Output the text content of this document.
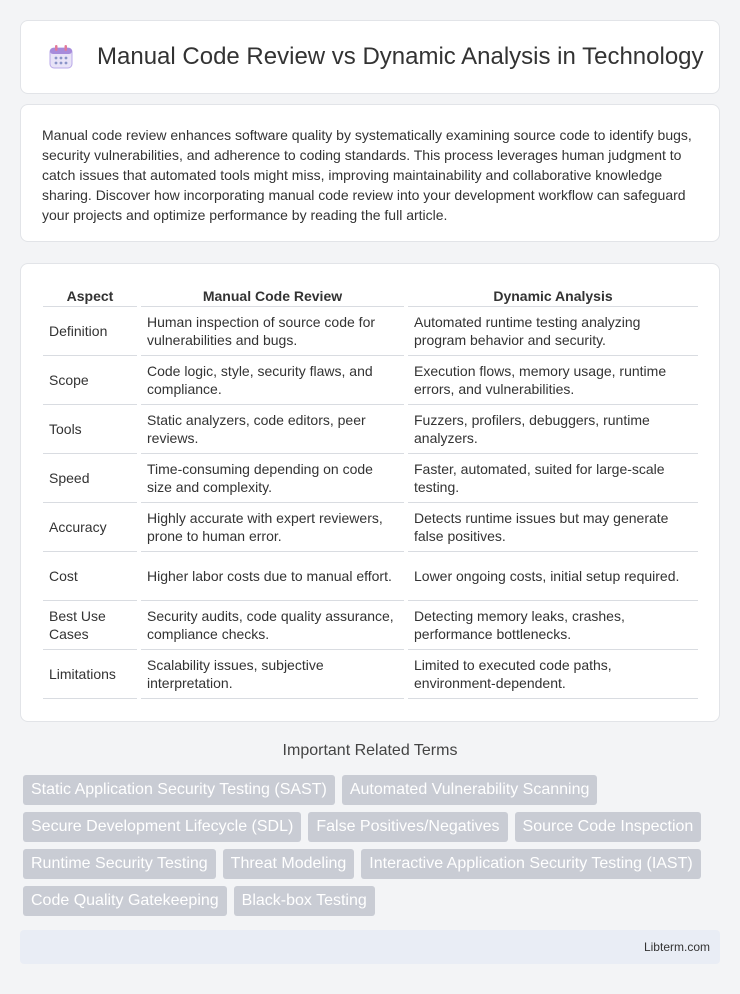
Manual Code Review vs Dynamic Analysis in Technology

Manual code review enhances software quality by systematically examining source code to identify bugs, security vulnerabilities, and adherence to coding standards. This process leverages human judgment to catch issues that automated tools might miss, improving maintainability and collaborative knowledge sharing. Discover how incorporating manual code review into your development workflow can safeguard your projects and optimize performance by reading the full article.

Aspect	Manual Code Review	Dynamic Analysis
Definition	Human inspection of source code for vulnerabilities and bugs.	Automated runtime testing analyzing program behavior and security.
Scope	Code logic, style, security flaws, and compliance.	Execution flows, memory usage, runtime errors, and vulnerabilities.
Tools	Static analyzers, code editors, peer reviews.	Fuzzers, profilers, debuggers, runtime analyzers.
Speed	Time-consuming depending on code size and complexity.	Faster, automated, suited for large-scale testing.
Accuracy	Highly accurate with expert reviewers, prone to human error.	Detects runtime issues but may generate false positives.
Cost	Higher labor costs due to manual effort.	Lower ongoing costs, initial setup required.
Best Use Cases	Security audits, code quality assurance, compliance checks.	Detecting memory leaks, crashes, performance bottlenecks.
Limitations	Scalability issues, subjective interpretation.	Limited to executed code paths, environment-dependent.
Important Related Terms
Static Application Security Testing (SAST)	Automated Vulnerability Scanning
Secure Development Lifecycle (SDL)	False Positives/Negatives	Source Code Inspection
Runtime Security Testing	Threat Modeling	Interactive Application Security Testing (IAST)
Code Quality Gatekeeping	Black-box Testing
Libterm.com
